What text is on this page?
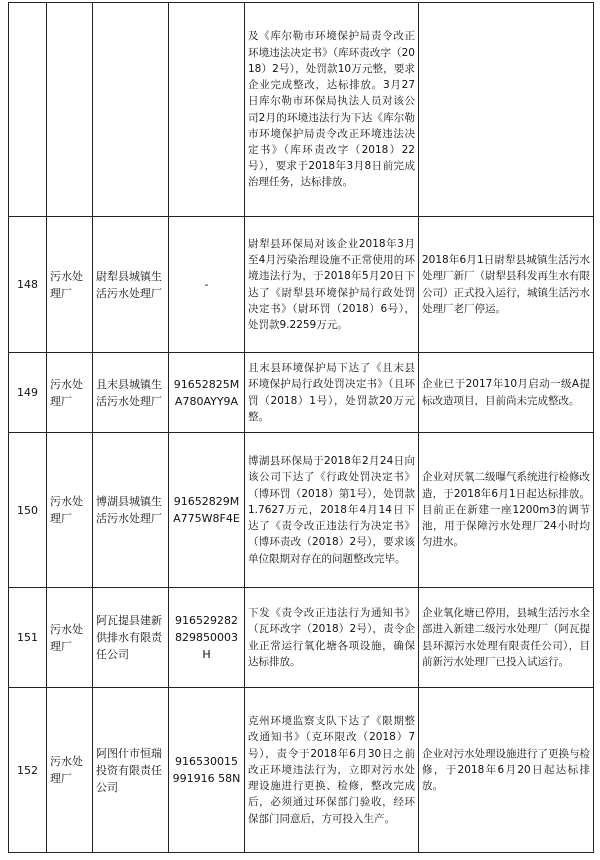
				及《库尔勒市环境保护局责令改正环境违法决定书》（库环责改字（2018）2号），处罚款10万元整，要求企业完成整改，达标排放。3月27日库尔勒市环保局执法人员对该公司2月的环境违法行为下达《库尔勒市环境保护局责令改正环境违法决定书》（库环责改字（2018）22号），要求于2018年3月8日前完成治理任务，达标排放。	
148	污水处理厂	尉犁县城镇生活污水处理厂	-	尉犁县环保局对该企业2018年3月至4月污染治理设施不正常使用的环境违法行为，于2018年5月20日下达了《尉犁县环境保护局行政处罚决定书》（尉环罚（2018）6号），处罚款9.2259万元。	2018年6月1日尉犁县城镇生活污水处理厂新厂（尉犁县科发再生水有限公司）正式投入运行，城镇生活污水处理厂老厂停运。
149	污水处理厂	且末县城镇生活污水处理厂	91652825MA780AYY9A	且末县环境保护局下达了《且末县环境保护局行政处罚决定书》（且环罚（2018）1号），处罚款20万元整。	企业已于2017年10月启动一级A提标改造项目，目前尚未完成整改。
150	污水处理厂	博湖县城镇生活污水处理厂	91652829MA775W8F4E	博湖县环保局于2018年2月24日向该公司下达了《行政处罚决定书》（博环罚（2018）第1号），处罚款1.7627万元，2018年4月14日下达了《责令改正违法行为决定书》（博环责改（2018）2号），要求该单位限期对存在的问题整改完毕。	企业对厌氧二级曝气系统进行检修改造，于2018年6月1日起达标排放。目前正在新建一座1200m3的调节池，用于保障污水处理厂24小时均匀进水。
151	污水处理厂	阿瓦提县建新供排水有限责任公司	916529282829850003H	下发《责令改正违法行为通知书》（瓦环改字（2018）2号），责令企业正常运行氧化塘各项设施，确保达标排放。	企业氧化塘已停用，县城生活污水全部进入新建二级污水处理厂（阿瓦提县环源污水处理有限责任公司），目前新污水处理厂已投入试运行。
152	污水处理厂	阿图什市恒瑞投资有限责任公司	916530015991916 58N	克州环境监察支队下达了《限期整改通知书》（克环限改（2018）7号），责令于2018年6月30日之前改正环境违法行为，立即对污水处理设施进行更换、检修，整改完成后，必须通过环保部门验收，经环保部门同意后，方可投入生产。	企业对污水处理设施进行了更换与检修，于2018年6月20日起达标排放。
